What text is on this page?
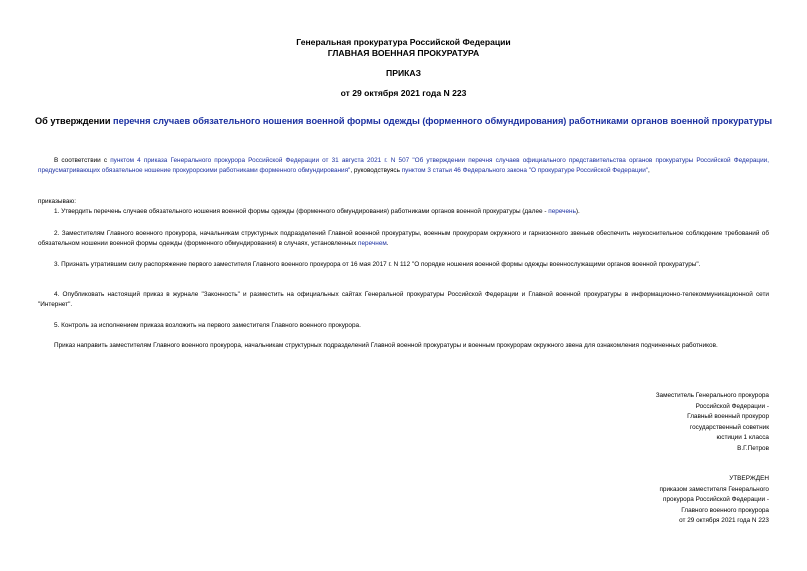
Генеральная прокуратура Российской Федерации
ГЛАВНАЯ ВОЕННАЯ ПРОКУРАТУРА
ПРИКАЗ
от 29 октября 2021 года N 223
Об утверждении перечня случаев обязательного ношения военной формы одежды (форменного обмундирования) работниками органов военной прокуратуры
В соответствии с пунктом 4 приказа Генерального прокурора Российской Федерации от 31 августа 2021 г. N 507 "Об утверждении перечня случаев официального представительства органов прокуратуры Российской Федерации, предусматривающих обязательное ношение прокурорскими работниками форменного обмундирования", руководствуясь пунктом 3 статьи 46 Федерального закона "О прокуратуре Российской Федерации",
приказываю:
1. Утвердить перечень случаев обязательного ношения военной формы одежды (форменного обмундирования) работниками органов военной прокуратуры (далее - перечень).
2. Заместителям Главного военного прокурора, начальникам структурных подразделений Главной военной прокуратуры, военным прокурорам окружного и гарнизонного звеньев обеспечить неукоснительное соблюдение требований об обязательном ношении военной формы одежды (форменного обмундирования) в случаях, установленных перечнем.
3. Признать утратившим силу распоряжение первого заместителя Главного военного прокурора от 16 мая 2017 г. N 112 "О порядке ношения военной формы одежды военнослужащими органов военной прокуратуры".
4. Опубликовать настоящий приказ в журнале "Законность" и разместить на официальных сайтах Генеральной прокуратуры Российской Федерации и Главной военной прокуратуры в информационно-телекоммуникационной сети "Интернет".
5. Контроль за исполнением приказа возложить на первого заместителя Главного военного прокурора.
Приказ направить заместителям Главного военного прокурора, начальникам структурных подразделений Главной военной прокуратуры и военным прокурорам окружного звена для ознакомления подчиненных работников.
Заместитель Генерального прокурора
Российской Федерации -
Главный военный прокурор
государственный советник
юстиции 1 класса
В.Г.Петров
УТВЕРЖДЕН
приказом заместителя Генерального
прокурора Российской Федерации -
Главного военного прокурора
от 29 октября 2021 года N 223
